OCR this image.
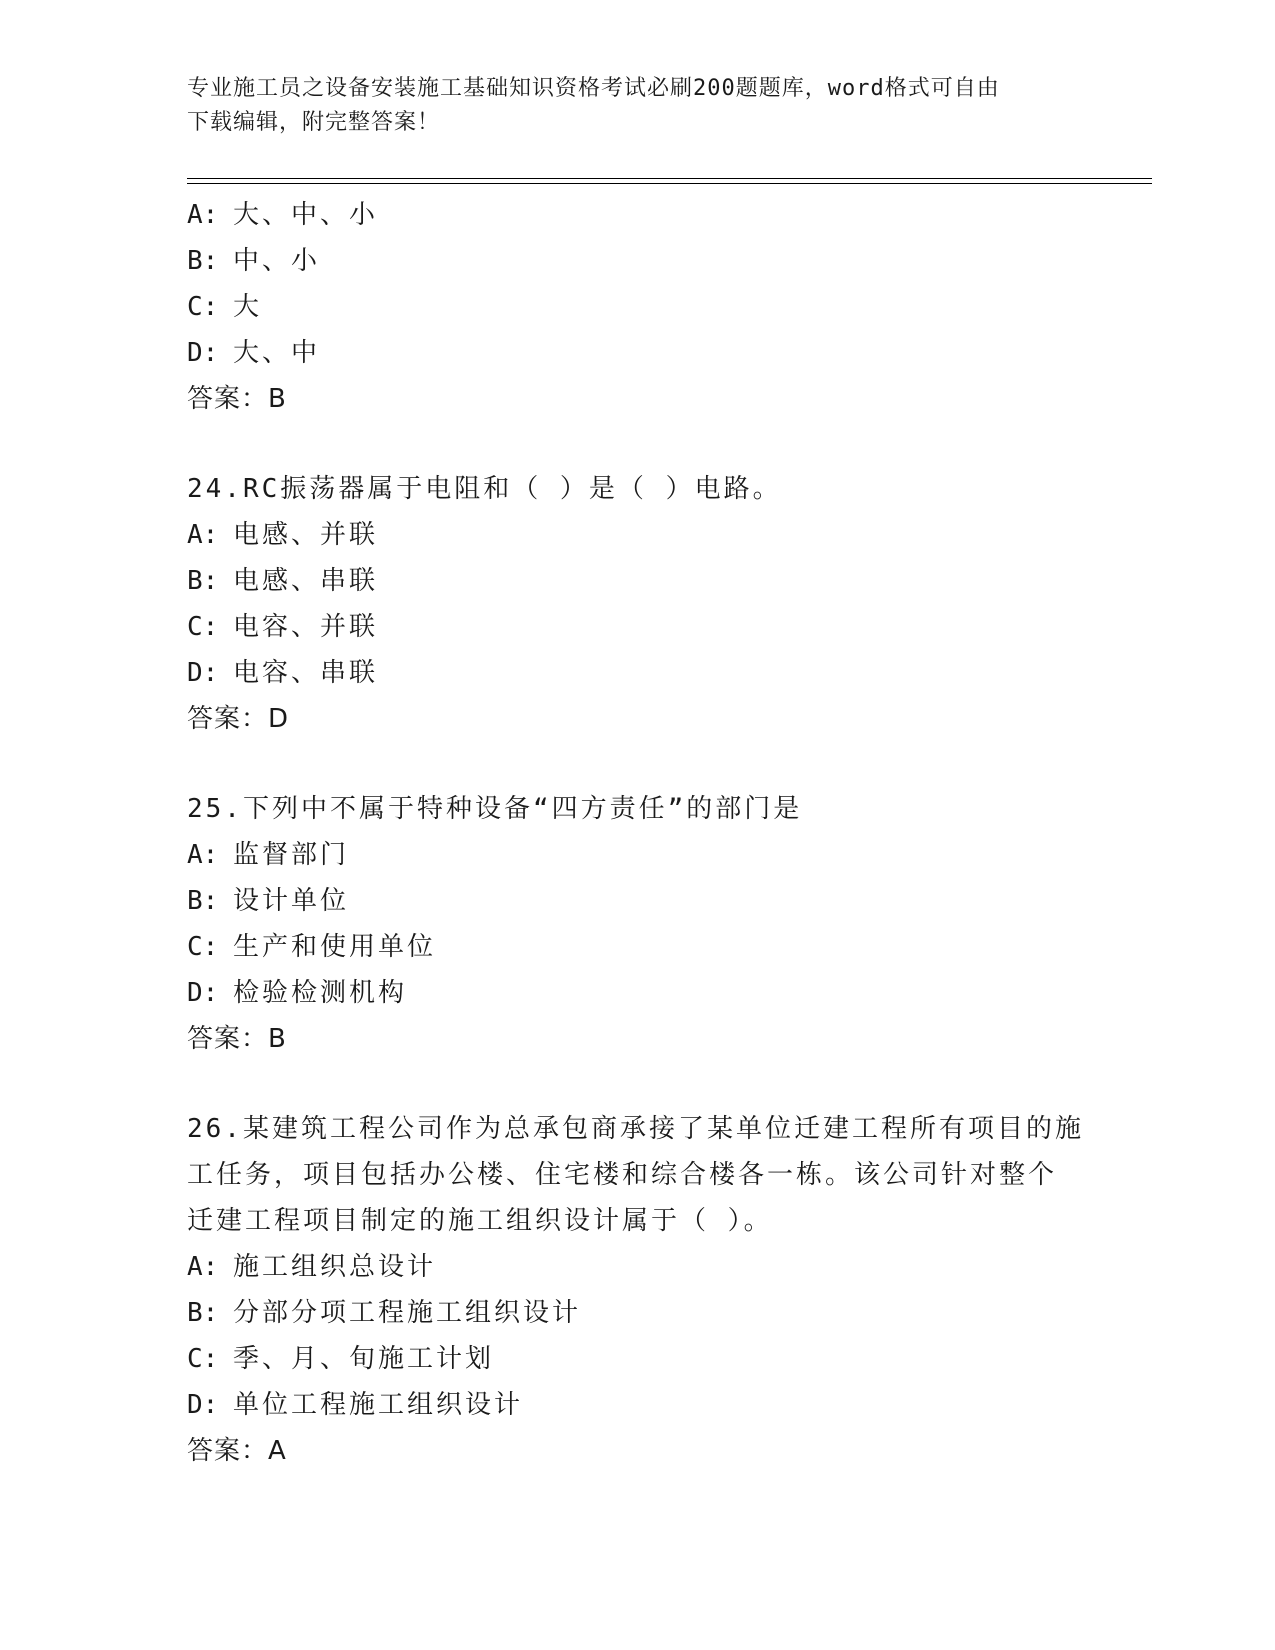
专业施工员之设备安装施工基础知识资格考试必刷200题题库，word格式可自由
下载编辑，附完整答案！
A: 大、中、小
B: 中、小
C: 大
D: 大、中
答案：B
24.RC振荡器属于电阻和（ ）是（ ）电路。
A: 电感、并联
B: 电感、串联
C: 电容、并联
D: 电容、串联
答案：D
25.下列中不属于特种设备“四方责任”的部门是
A: 监督部门
B: 设计单位
C: 生产和使用单位
D: 检验检测机构
答案：B
26.某建筑工程公司作为总承包商承接了某单位迁建工程所有项目的施
工任务，项目包括办公楼、住宅楼和综合楼各一栋。该公司针对整个
迁建工程项目制定的施工组织设计属于（ ）。
A: 施工组织总设计
B: 分部分项工程施工组织设计
C: 季、月、旬施工计划
D: 单位工程施工组织设计
答案：A
